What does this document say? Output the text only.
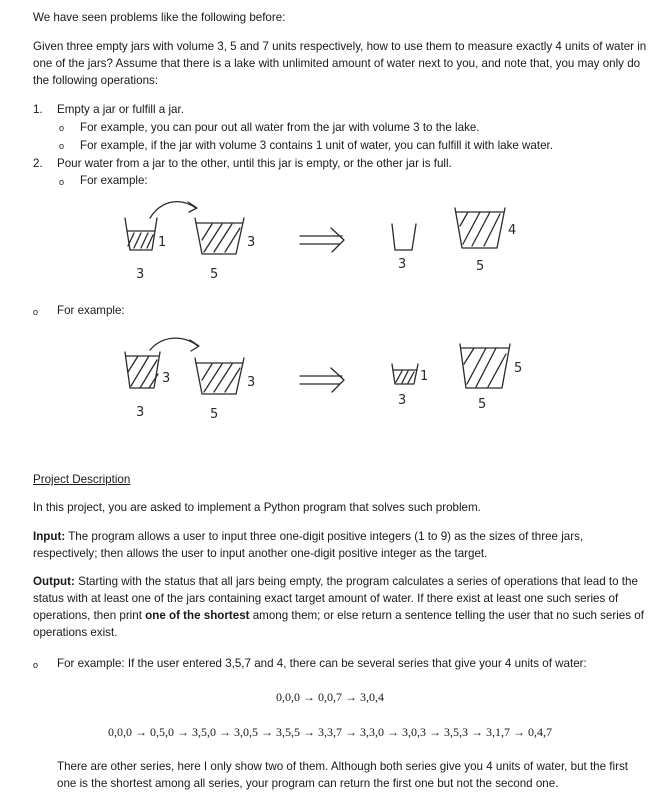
We have seen problems like the following before:
Given three empty jars with volume 3, 5 and 7 units respectively, how to use them to measure exactly 4 units of water in one of the jars? Assume that there is a lake with unlimited amount of water next to you, and note that, you may only do the following operations:
1. Empty a jar or fulfill a jar.
o For example, you can pour out all water from the jar with volume 3 to the lake.
o For example, if the jar with volume 3 contains 1 unit of water, you can fulfill it with lake water.
2. Pour water from a jar to the other, until this jar is empty, or the other jar is full.
o For example:
1
3
3
5
3
4
5
o For example:
3
3
3
5
1
3
5
5
Project Description
In this project, you are asked to implement a Python program that solves such problem.
Input: The program allows a user to input three one-digit positive integers (1 to 9) as the sizes of three jars, respectively; then allows the user to input another one-digit positive integer as the target.
Output: Starting with the status that all jars being empty, the program calculates a series of operations that lead to the status with at least one of the jars containing exact target amount of water. If there exist at least one such series of operations, then print one of the shortest among them; or else return a sentence telling the user that no such series of operations exist.
o For example: If the user entered 3,5,7 and 4, there can be several series that give your 4 units of water:
0,0,0 → 0,0,7 → 3,0,4
0,0,0 → 0,5,0 → 3,5,0 → 3,0,5 → 3,5,5 → 3,3,7 → 3,3,0 → 3,0,3 → 3,5,3 → 3,1,7 → 0,4,7
There are other series, here I only show two of them. Although both series give you 4 units of water, but the first one is the shortest among all series, your program can return the first one but not the second one.
